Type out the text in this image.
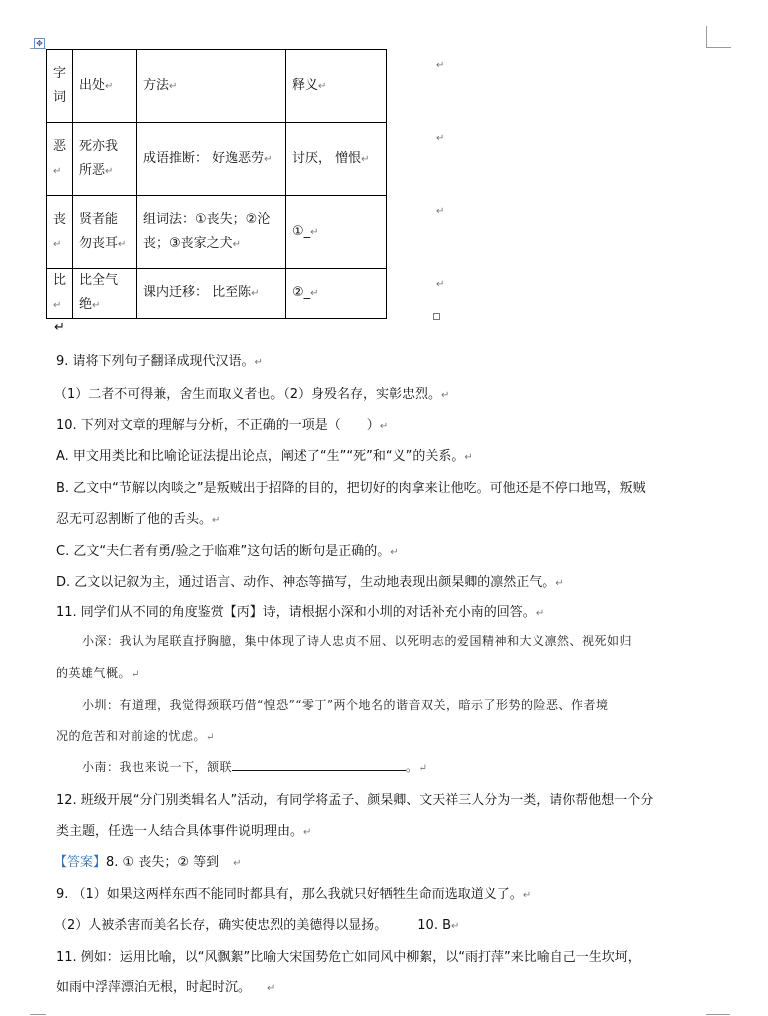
✥
字词	出处↵	方法↵	释义↵
恶↵	死亦我所恶↵	成语推断： 好逸恶劳↵	讨厌， 憎恨↵
丧↵	贤者能勿丧耳↵	组词法：①丧失；②沦丧；③丧家之犬↵	①_↵
比↵	比全气绝↵	课内迁移： 比至陈↵	②_↵
↵
↵
↵
↵
↵
9. 请将下列句子翻译成现代汉语。↵
（1）二者不可得兼，舍生而取义者也。（2）身殁名存，实彰忠烈。↵
10. 下列对文章的理解与分析，不正确的一项是（　　）↵
A. 甲文用类比和比喻论证法提出论点，阐述了“生”“死”和“义”的关系。↵
B. 乙文中“节解以肉啖之”是叛贼出于招降的目的，把切好的肉拿来让他吃。可他还是不停口地骂，叛贼
忍无可忍割断了他的舌头。↵
C. 乙文“夫仁者有勇/验之于临难”这句话的断句是正确的。↵
D. 乙文以记叙为主，通过语言、动作、神态等描写，生动地表现出颜杲卿的凛然正气。↵
11. 同学们从不同的角度鉴赏【丙】诗，请根据小深和小圳的对话补充小南的回答。↵
小深：我认为尾联直抒胸臆，集中体现了诗人忠贞不屈、以死明志的爱国精神和大义凛然、视死如归
的英雄气概。↵
小圳：有道理，我觉得颈联巧借“惶恐”“零丁”两个地名的谐音双关，暗示了形势的险恶、作者境
况的危苦和对前途的忧虑。↵
小南：我也来说一下，颔联	。↵
12. 班级开展“分门别类辑名人”活动，有同学将孟子、颜杲卿、文天祥三人分为一类，请你帮他想一个分
类主题，任选一人结合具体事件说明理由。↵
【答案】8. ① 丧失；② 等到 ↵
9. （1）如果这两样东西不能同时都具有，那么我就只好牺牲生命而选取道义了。↵
（2）人被杀害而美名长存，确实使忠烈的美德得以显扬。 10. B↵
11. 例如：运用比喻，以“风飘絮”比喻大宋国势危亡如同风中柳絮，以“雨打萍”来比喻自己一生坎坷，
如雨中浮萍漂泊无根，时起时沉。 ↵
